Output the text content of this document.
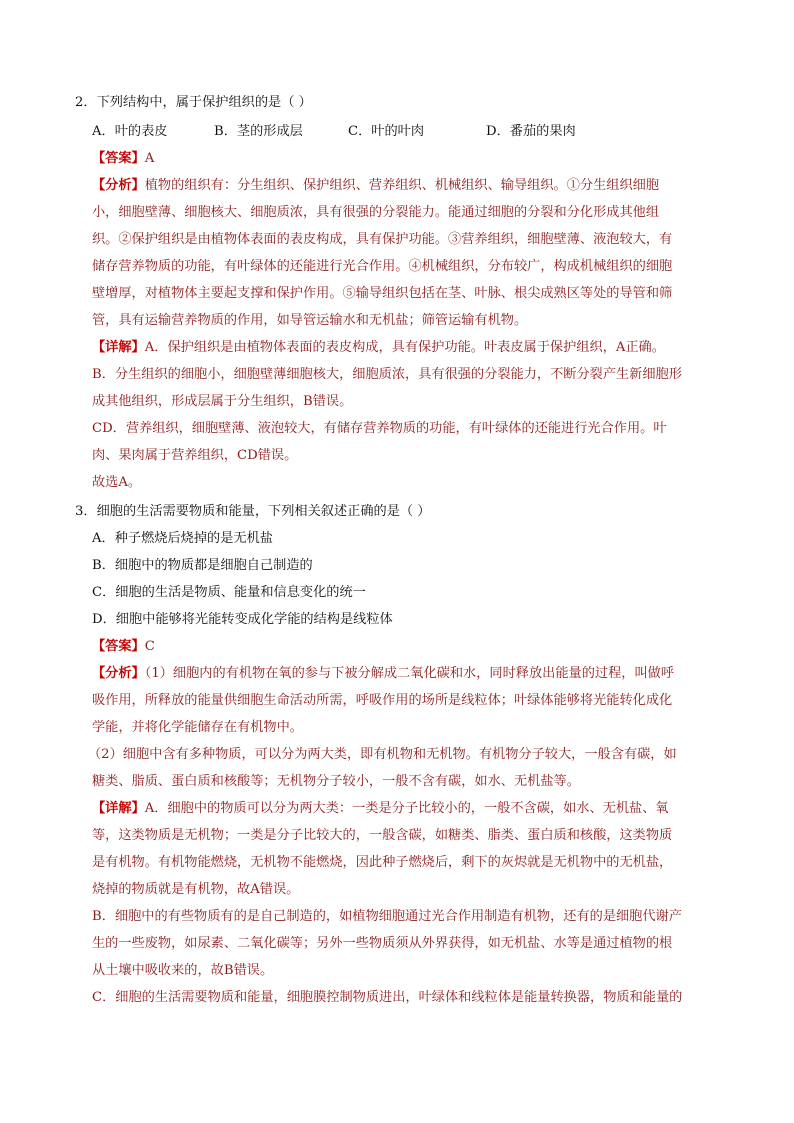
2．下列结构中，属于保护组织的是（ ）
A．叶的表皮	B．茎的形成层	C．叶的叶肉	D．番茄的果肉
【答案】A
【分析】植物的组织有：分生组织、保护组织、营养组织、机械组织、输导组织。①分生组织细胞
小，细胞壁薄、细胞核大、细胞质浓，具有很强的分裂能力。能通过细胞的分裂和分化形成其他组
织。②保护组织是由植物体表面的表皮构成，具有保护功能。③营养组织，细胞壁薄、液泡较大，有
储存营养物质的功能，有叶绿体的还能进行光合作用。④机械组织，分布较广，构成机械组织的细胞
壁增厚，对植物体主要起支撑和保护作用。⑤输导组织包括在茎、叶脉、根尖成熟区等处的导管和筛
管，具有运输营养物质的作用，如导管运输水和无机盐；筛管运输有机物。
【详解】A．保护组织是由植物体表面的表皮构成，具有保护功能。叶表皮属于保护组织，A正确。
B．分生组织的细胞小，细胞壁薄细胞核大，细胞质浓，具有很强的分裂能力，不断分裂产生新细胞形
成其他组织，形成层属于分生组织，B错误。
CD．营养组织，细胞壁薄、液泡较大，有储存营养物质的功能，有叶绿体的还能进行光合作用。叶
肉、果肉属于营养组织，CD错误。
故选A。
3．细胞的生活需要物质和能量，下列相关叙述正确的是（ ）
A．种子燃烧后烧掉的是无机盐
B．细胞中的物质都是细胞自己制造的
C．细胞的生活是物质、能量和信息变化的统一
D．细胞中能够将光能转变成化学能的结构是线粒体
【答案】C
【分析】（1）细胞内的有机物在氧的参与下被分解成二氧化碳和水，同时释放出能量的过程，叫做呼
吸作用，所释放的能量供细胞生命活动所需，呼吸作用的场所是线粒体；叶绿体能够将光能转化成化
学能，并将化学能储存在有机物中。
（2）细胞中含有多种物质，可以分为两大类，即有机物和无机物。有机物分子较大，一般含有碳，如
糖类、脂质、蛋白质和核酸等；无机物分子较小，一般不含有碳，如水、无机盐等。
【详解】A．细胞中的物质可以分为两大类：一类是分子比较小的，一般不含碳，如水、无机盐、氧
等，这类物质是无机物；一类是分子比较大的，一般含碳，如糖类、脂类、蛋白质和核酸，这类物质
是有机物。有机物能燃烧，无机物不能燃烧，因此种子燃烧后，剩下的灰烬就是无机物中的无机盐，
烧掉的物质就是有机物，故A错误。
B．细胞中的有些物质有的是自己制造的，如植物细胞通过光合作用制造有机物，还有的是细胞代谢产
生的一些废物，如尿素、二氧化碳等；另外一些物质须从外界获得，如无机盐、水等是通过植物的根
从土壤中吸收来的，故B错误。
C．细胞的生活需要物质和能量，细胞膜控制物质进出，叶绿体和线粒体是能量转换器，物质和能量的
